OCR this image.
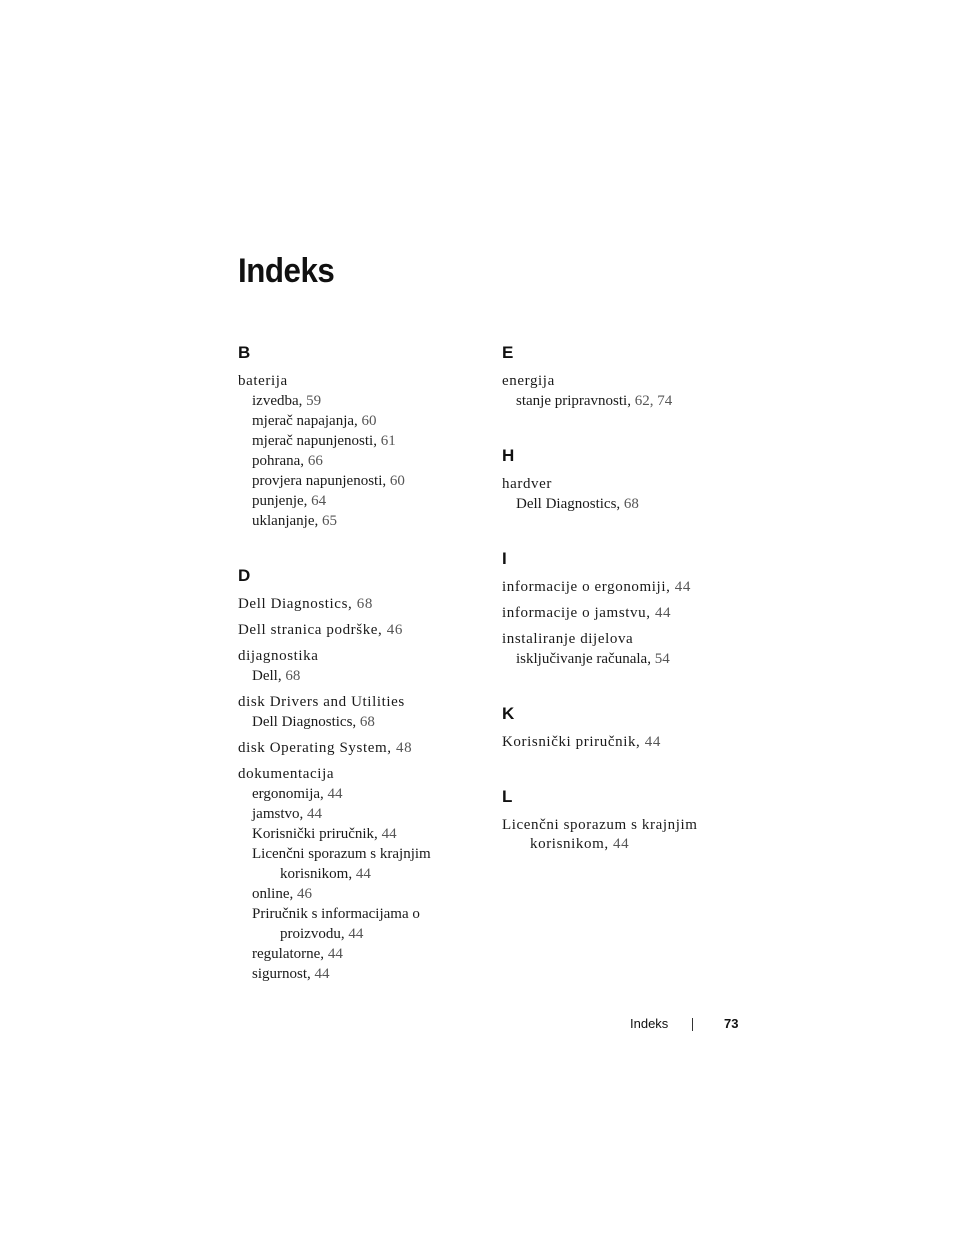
Indeks
B
baterija
izvedba, 59
mjerač napajanja, 60
mjerač napunjenosti, 61
pohrana, 66
provjera napunjenosti, 60
punjenje, 64
uklanjanje, 65
D
Dell Diagnostics, 68
Dell stranica podrške, 46
dijagnostika
Dell, 68
disk Drivers and Utilities
Dell Diagnostics, 68
disk Operating System, 48
dokumentacija
ergonomija, 44
jamstvo, 44
Korisnički priručnik, 44
Licenčni sporazum s krajnjim korisnikom, 44
online, 46
Priručnik s informacijama o proizvodu, 44
regulatorne, 44
sigurnost, 44
E
energija
stanje pripravnosti, 62, 74
H
hardver
Dell Diagnostics, 68
I
informacije o ergonomiji, 44
informacije o jamstvu, 44
instaliranje dijelova
isključivanje računala, 54
K
Korisnički priručnik, 44
L
Licenčni sporazum s krajnjim korisnikom, 44
Indeks	73
